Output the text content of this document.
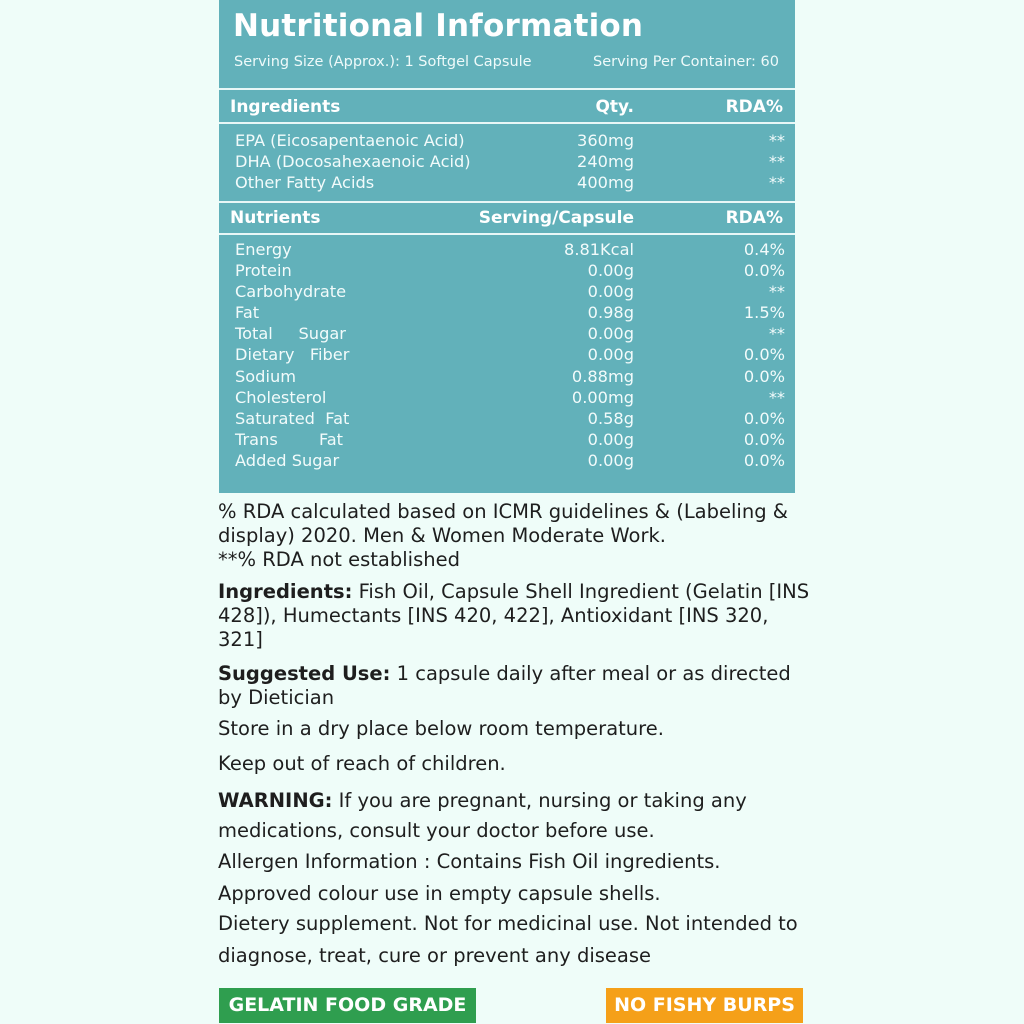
Nutritional Information
Serving Size (Approx.): 1 Softgel Capsule	Serving Per Container: 60
Ingredients	Qty.	RDA%
EPA (Eicosapentaenoic Acid)	360mg	**
DHA (Docosahexaenoic Acid)	240mg	**
Other Fatty Acids	400mg	**
Nutrients	Serving/Capsule	RDA%
Energy	8.81Kcal	0.4%
Protein	0.00g	0.0%
Carbohydrate	0.00g	**
Fat	0.98g	1.5%
Total     Sugar	0.00g	**
Dietary   Fiber	0.00g	0.0%
Sodium	0.88mg	0.0%
Cholesterol	0.00mg	**
Saturated  Fat	0.58g	0.0%
Trans        Fat	0.00g	0.0%
Added Sugar	0.00g	0.0%
% RDA calculated based on ICMR guidelines & (Labeling & display) 2020. Men & Women Moderate Work.
**% RDA not established
Ingredients: Fish Oil, Capsule Shell Ingredient (Gelatin [INS 428]), Humectants [INS 420, 422], Antioxidant [INS 320, 321]
Suggested Use: 1 capsule daily after meal or as directed by Dietician
Store in a dry place below room temperature.
Keep out of reach of children.
WARNING: If you are pregnant, nursing or taking any medications, consult your doctor before use.
Allergen Information : Contains Fish Oil ingredients. Approved colour use in empty capsule shells.
Dietery supplement. Not for medicinal use. Not intended to diagnose, treat, cure or prevent any disease
GELATIN FOOD GRADE	NO FISHY BURPS
